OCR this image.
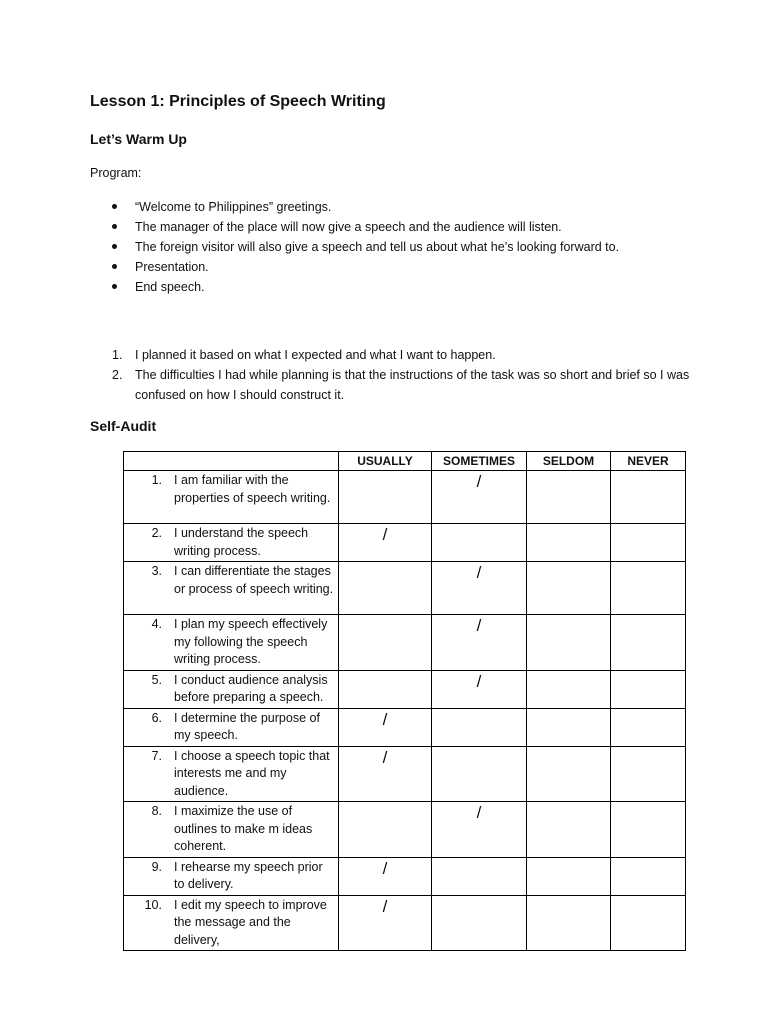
Lesson 1: Principles of Speech Writing
Let’s Warm Up
Program:
“Welcome to Philippines” greetings.
The manager of the place will now give a speech and the audience will listen.
The foreign visitor will also give a speech and tell us about what he’s looking forward to.
Presentation.
End speech.
1. I planned it based on what I expected and what I want to happen.
2. The difficulties I had while planning is that the instructions of the task was so short and brief so I was confused on how I should construct it.
Self-Audit
	USUALLY	SOMETIMES	SELDOM	NEVER

1. I am familiar with the properties of speech writing.		/		

2. I understand the speech writing process.	/			

3. I can differentiate the stages or process of speech writing.		/		

4. I plan my speech effectively my following the speech writing process.		/		

5. I conduct audience analysis before preparing a speech.		/		

6. I determine the purpose of my speech.	/			

7. I choose a speech topic that interests me and my audience.	/			

8. I maximize the use of outlines to make m ideas coherent.		/		

9. I rehearse my speech prior to delivery.	/			

10. I edit my speech to improve the message and the delivery,	/			
